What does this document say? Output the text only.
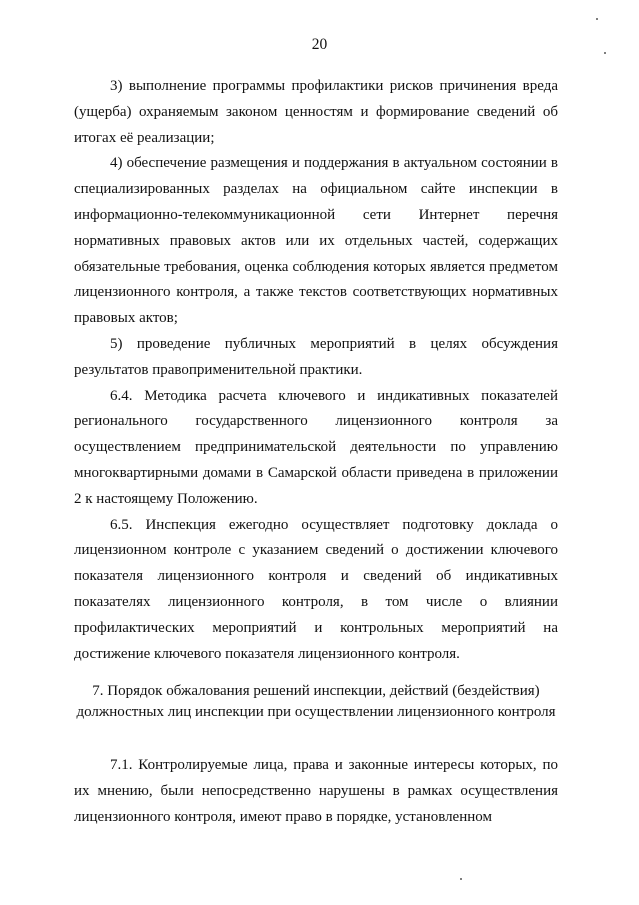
20

3) выполнение программы профилактики рисков причинения вреда (ущерба) охраняемым законом ценностям и формирование сведений об итогах её реализации;

4) обеспечение размещения и поддержания в актуальном состоянии в специализированных разделах на официальном сайте инспекции в информационно-телекоммуникационной сети Интернет перечня нормативных правовых актов или их отдельных частей, содержащих обязательные требования, оценка соблюдения которых является предметом лицензионного контроля, а также текстов соответствующих нормативных правовых актов;

5) проведение публичных мероприятий в целях обсуждения результатов правоприменительной практики.

6.4. Методика расчета ключевого и индикативных показателей регионального государственного лицензионного контроля за осуществлением предпринимательской деятельности по управлению многоквартирными домами в Самарской области приведена в приложении 2 к настоящему Положению.

6.5. Инспекция ежегодно осуществляет подготовку доклада о лицензионном контроле с указанием сведений о достижении ключевого показателя лицензионного контроля и сведений об индикативных показателях лицензионного контроля, в том числе о влиянии профилактических мероприятий и контрольных мероприятий на достижение ключевого показателя лицензионного контроля.

7. Порядок обжалования решений инспекции, действий (бездействия)
должностных лиц инспекции при осуществлении лицензионного контроля

7.1. Контролируемые лица, права и законные интересы которых, по их мнению, были непосредственно нарушены в рамках осуществления лицензионного контроля, имеют право в порядке, установленном
